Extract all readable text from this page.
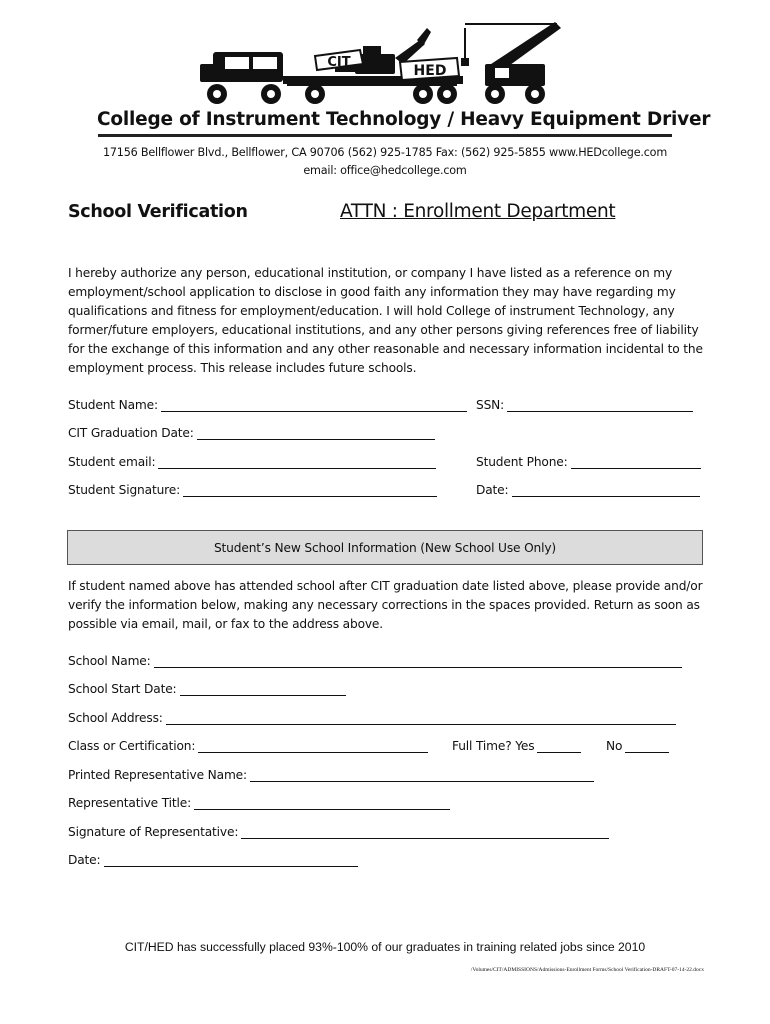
CIT
HED
College of Instrument Technology / Heavy Equipment Driver
17156 Bellflower Blvd., Bellflower, CA 90706 (562) 925-1785 Fax: (562) 925-5855 www.HEDcollege.com
email: office@hedcollege.com
School Verification	ATTN : Enrollment Department
I hereby authorize any person, educational institution, or company I have listed as a reference on my employment/school application to disclose in good faith any information they may have regarding my qualifications and fitness for employment/education. I will hold College of instrument Technology, any former/future employers, educational institutions, and any other persons giving references free of liability for the exchange of this information and any other reasonable and necessary information incidental to the employment process. This release includes future schools.
Student Name:	SSN:
CIT Graduation Date:
Student email:	Student Phone:
Student Signature:	Date:
Student’s New School Information (New School Use Only)
If student named above has attended school after CIT graduation date listed above, please provide and/or verify the information below, making any necessary corrections in the spaces provided. Return as soon as possible via email, mail, or fax to the address above.
School Name:
School Start Date:
School Address:
Class or Certification:	Full Time? Yes	No
Printed Representative Name:
Representative Title:
Signature of Representative:
Date:
CIT/HED has successfully placed 93%-100% of our graduates in training related jobs since 2010
/Volumes/CIT/ADMISSIONS/Admissions-Enrollment Forms/School Verification-DRAFT-07-14-22.docx
